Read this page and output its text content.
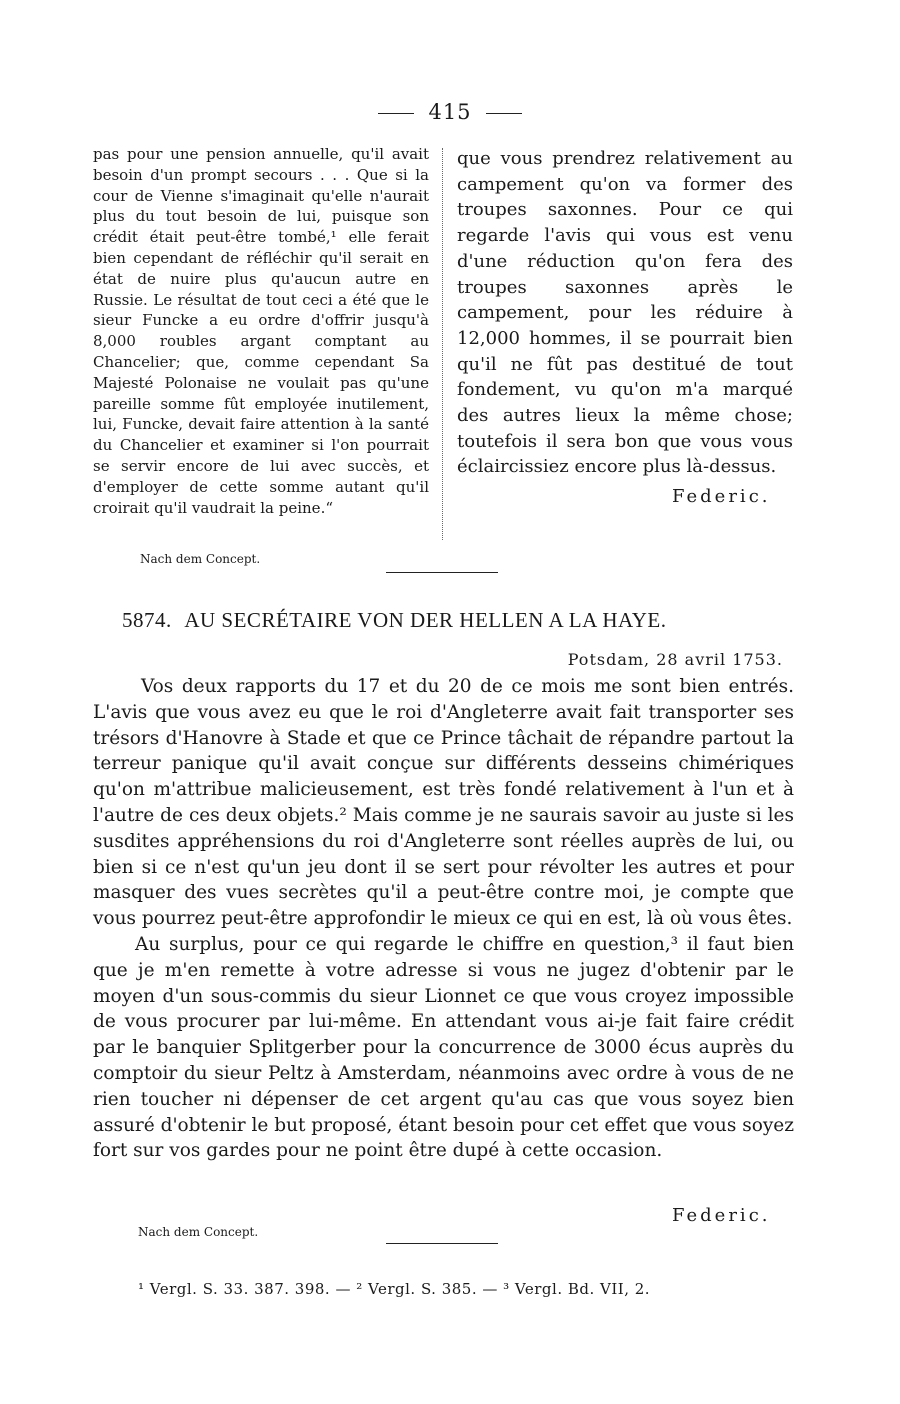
415

pas pour une pension annuelle, qu'il avait besoin d'un prompt secours . . . Que si la cour de Vienne s'imaginait qu'elle n'aurait plus du tout besoin de lui, puisque son crédit était peut-être tombé,¹ elle ferait bien cependant de réfléchir qu'il serait en état de nuire plus qu'aucun autre en Russie. Le résultat de tout ceci a été que le sieur Funcke a eu ordre d'offrir jusqu'à 8,000 roubles argant comptant au Chancelier; que, comme cependant Sa Majesté Polonaise ne voulait pas qu'une pareille somme fût employée inutilement, lui, Funcke, devait faire attention à la santé du Chancelier et examiner si l'on pourrait se servir encore de lui avec succès, et d'employer de cette somme autant qu'il croirait qu'il vaudrait la peine.“

que vous prendrez relativement au campement qu'on va former des troupes saxonnes. Pour ce qui regarde l'avis qui vous est venu d'une réduction qu'on fera des troupes saxonnes après le campement, pour les réduire à 12,000 hommes, il se pourrait bien qu'il ne fût pas destitué de tout fondement, vu qu'on m'a marqué des autres lieux la même chose; toutefois il sera bon que vous vous éclaircissiez encore plus là-dessus.

Federic.
Nach dem Concept.
5874. AU SECRÉTAIRE VON DER HELLEN A LA HAYE.
Potsdam, 28 avril 1753.

Vos deux rapports du 17 et du 20 de ce mois me sont bien entrés. L'avis que vous avez eu que le roi d'Angleterre avait fait transporter ses trésors d'Hanovre à Stade et que ce Prince tâchait de répandre partout la terreur panique qu'il avait conçue sur différents desseins chimériques qu'on m'attribue malicieusement, est très fondé relativement à l'un et à l'autre de ces deux objets.² Mais comme je ne saurais savoir au juste si les susdites appréhensions du roi d'Angleterre sont réelles auprès de lui, ou bien si ce n'est qu'un jeu dont il se sert pour révolter les autres et pour masquer des vues secrètes qu'il a peut-être contre moi, je compte que vous pourrez peut-être approfondir le mieux ce qui en est, là où vous êtes.

Au surplus, pour ce qui regarde le chiffre en question,³ il faut bien que je m'en remette à votre adresse si vous ne jugez d'obtenir par le moyen d'un sous-commis du sieur Lionnet ce que vous croyez impossible de vous procurer par lui-même. En attendant vous ai-je fait faire crédit par le banquier Splitgerber pour la concurrence de 3000 écus auprès du comptoir du sieur Peltz à Amsterdam, néanmoins avec ordre à vous de ne rien toucher ni dépenser de cet argent qu'au cas que vous soyez bien assuré d'obtenir le but proposé, étant besoin pour cet effet que vous soyez fort sur vos gardes pour ne point être dupé à cette occasion.

Federic.
Nach dem Concept.
¹ Vergl. S. 33. 387. 398. — ² Vergl. S. 385. — ³ Vergl. Bd. VII, 2.
